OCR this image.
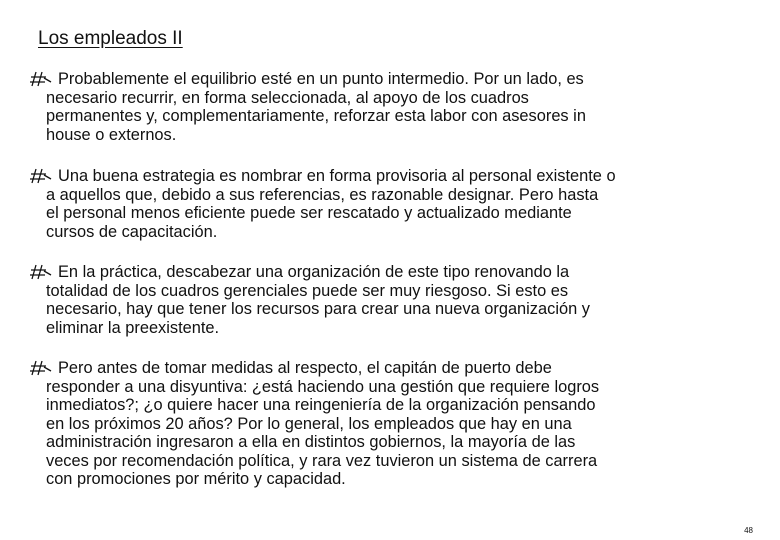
Los empleados II
Probablemente el equilibrio esté en un punto intermedio. Por un lado, es
necesario recurrir, en forma seleccionada, al apoyo de los cuadros
permanentes y, complementariamente, reforzar esta labor con asesores in
house o externos.
Una buena estrategia es nombrar en forma provisoria al personal existente o
a aquellos que, debido a sus referencias, es razonable designar. Pero hasta
el personal menos eficiente puede ser rescatado y actualizado mediante
cursos de capacitación.
En la práctica, descabezar una organización de este tipo renovando la
totalidad de los cuadros gerenciales puede ser muy riesgoso. Si esto es
necesario, hay que tener los recursos para crear una nueva organización y
eliminar la preexistente.
Pero antes de tomar medidas al respecto, el capitán de puerto debe
responder a una disyuntiva: ¿está haciendo una gestión que requiere logros
inmediatos?; ¿o quiere hacer una reingeniería de la organización pensando
en los próximos 20 años? Por lo general, los empleados que hay en una
administración ingresaron a ella en distintos gobiernos, la mayoría de las
veces por recomendación política, y rara vez tuvieron un sistema de carrera
con promociones por mérito y capacidad.
48
